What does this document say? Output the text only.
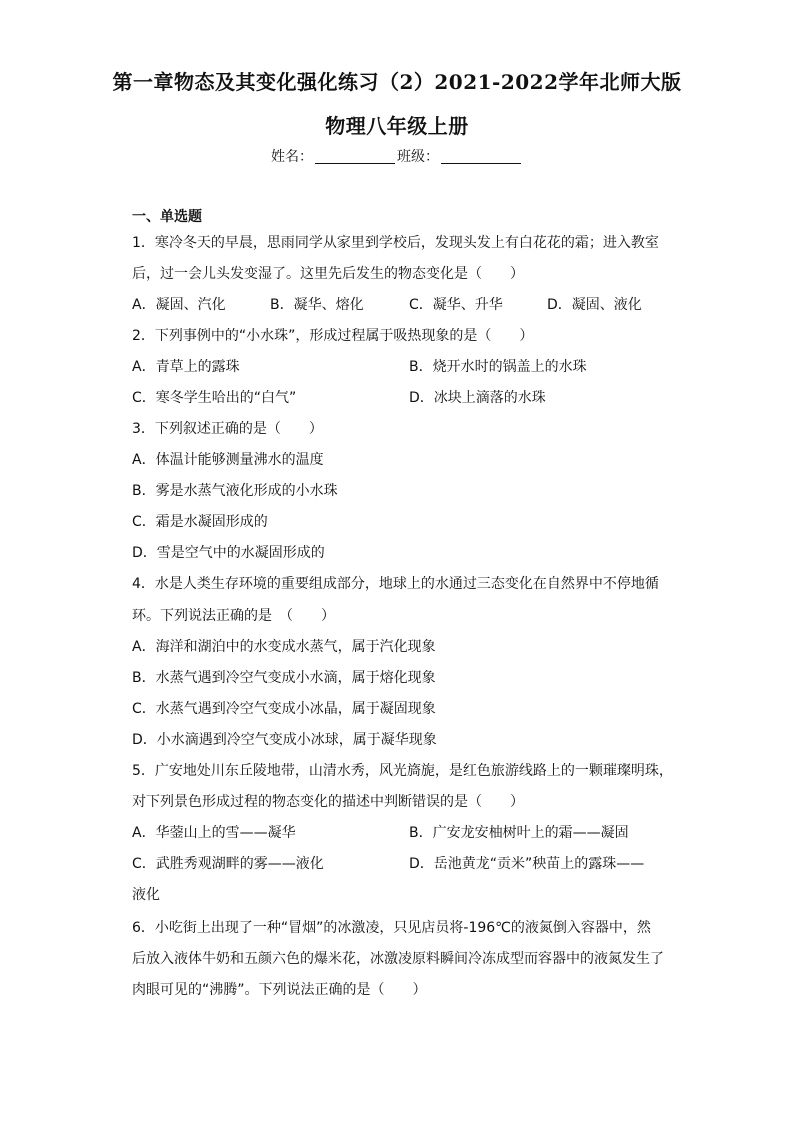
第一章物态及其变化强化练习（2）2021-2022学年北师大版
物理八年级上册
姓名：	班级：
一、单选题
1．寒冷冬天的早晨，思雨同学从家里到学校后，发现头发上有白花花的霜；进入教室
后，过一会儿头发变湿了。这里先后发生的物态变化是（　　）
A．凝固、汽化	B．凝华、熔化	C．凝华、升华	D．凝固、液化
2．下列事例中的“小水珠”，形成过程属于吸热现象的是（　　）
A．青草上的露珠	B．烧开水时的锅盖上的水珠
C．寒冬学生哈出的“白气”	D．冰块上滴落的水珠
3．下列叙述正确的是（　　）
A．体温计能够测量沸水的温度
B．雾是水蒸气液化形成的小水珠
C．霜是水凝固形成的
D．雪是空气中的水凝固形成的
4．水是人类生存环境的重要组成部分，地球上的水通过三态变化在自然界中不停地循
环。下列说法正确的是　（　　）
A．海洋和湖泊中的水变成水蒸气，属于汽化现象
B．水蒸气遇到冷空气变成小水滴，属于熔化现象
C．水蒸气遇到冷空气变成小冰晶，属于凝固现象
D．小水滴遇到冷空气变成小冰球，属于凝华现象
5．广安地处川东丘陵地带，山清水秀，风光旖旎，是红色旅游线路上的一颗璀璨明珠，
对下列景色形成过程的物态变化的描述中判断错误的是（　　）
A．华蓥山上的雪——凝华	B．广安龙安柚树叶上的霜——凝固
C．武胜秀观湖畔的雾——液化	D．岳池黄龙“贡米”秧苗上的露珠——
液化
6．小吃街上出现了一种“冒烟”的冰激凌，只见店员将-196℃的液氮倒入容器中，然
后放入液体牛奶和五颜六色的爆米花，冰激凌原料瞬间冷冻成型而容器中的液氮发生了
肉眼可见的“沸腾”。下列说法正确的是（　　）
